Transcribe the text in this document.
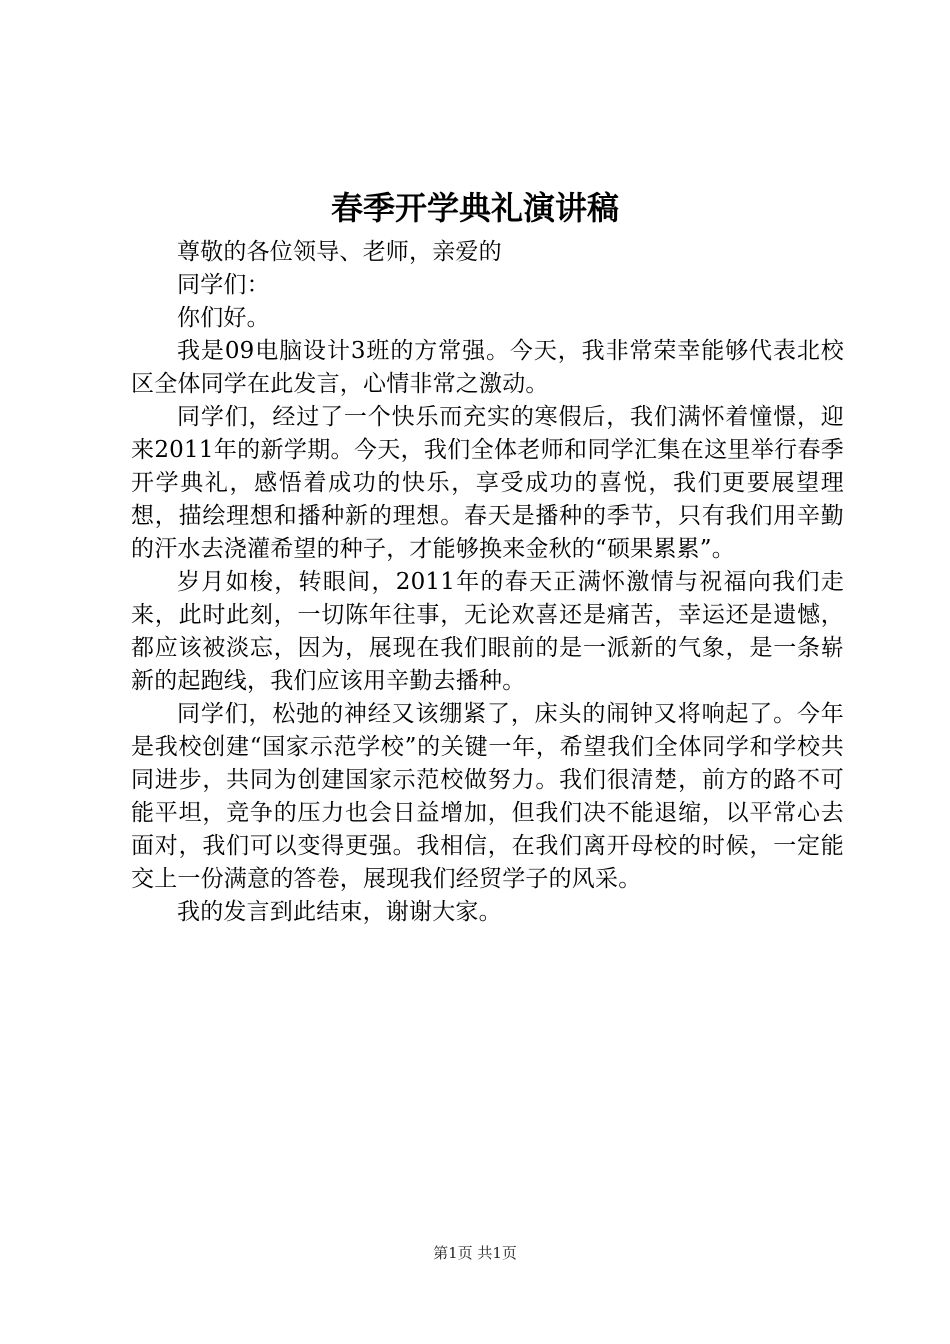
春季开学典礼演讲稿

尊敬的各位领导、老师，亲爱的

同学们：

你们好。

我是09电脑设计3班的方常强。今天，我非常荣幸能够代表北校区全体同学在此发言，心情非常之激动。

同学们，经过了一个快乐而充实的寒假后，我们满怀着憧憬，迎来2011年的新学期。今天，我们全体老师和同学汇集在这里举行春季开学典礼，感悟着成功的快乐，享受成功的喜悦，我们更要展望理想，描绘理想和播种新的理想。春天是播种的季节，只有我们用辛勤的汗水去浇灌希望的种子，才能够换来金秋的“硕果累累”。

岁月如梭，转眼间，2011年的春天正满怀激情与祝福向我们走来，此时此刻，一切陈年往事，无论欢喜还是痛苦，幸运还是遗憾，都应该被淡忘，因为，展现在我们眼前的是一派新的气象，是一条崭新的起跑线，我们应该用辛勤去播种。

同学们，松弛的神经又该绷紧了，床头的闹钟又将响起了。今年是我校创建“国家示范学校”的关键一年，希望我们全体同学和学校共同进步，共同为创建国家示范校做努力。我们很清楚，前方的路不可能平坦，竞争的压力也会日益增加，但我们决不能退缩，以平常心去面对，我们可以变得更强。我相信，在我们离开母校的时候，一定能交上一份满意的答卷，展现我们经贸学子的风采。

我的发言到此结束，谢谢大家。

第1页 共1页
